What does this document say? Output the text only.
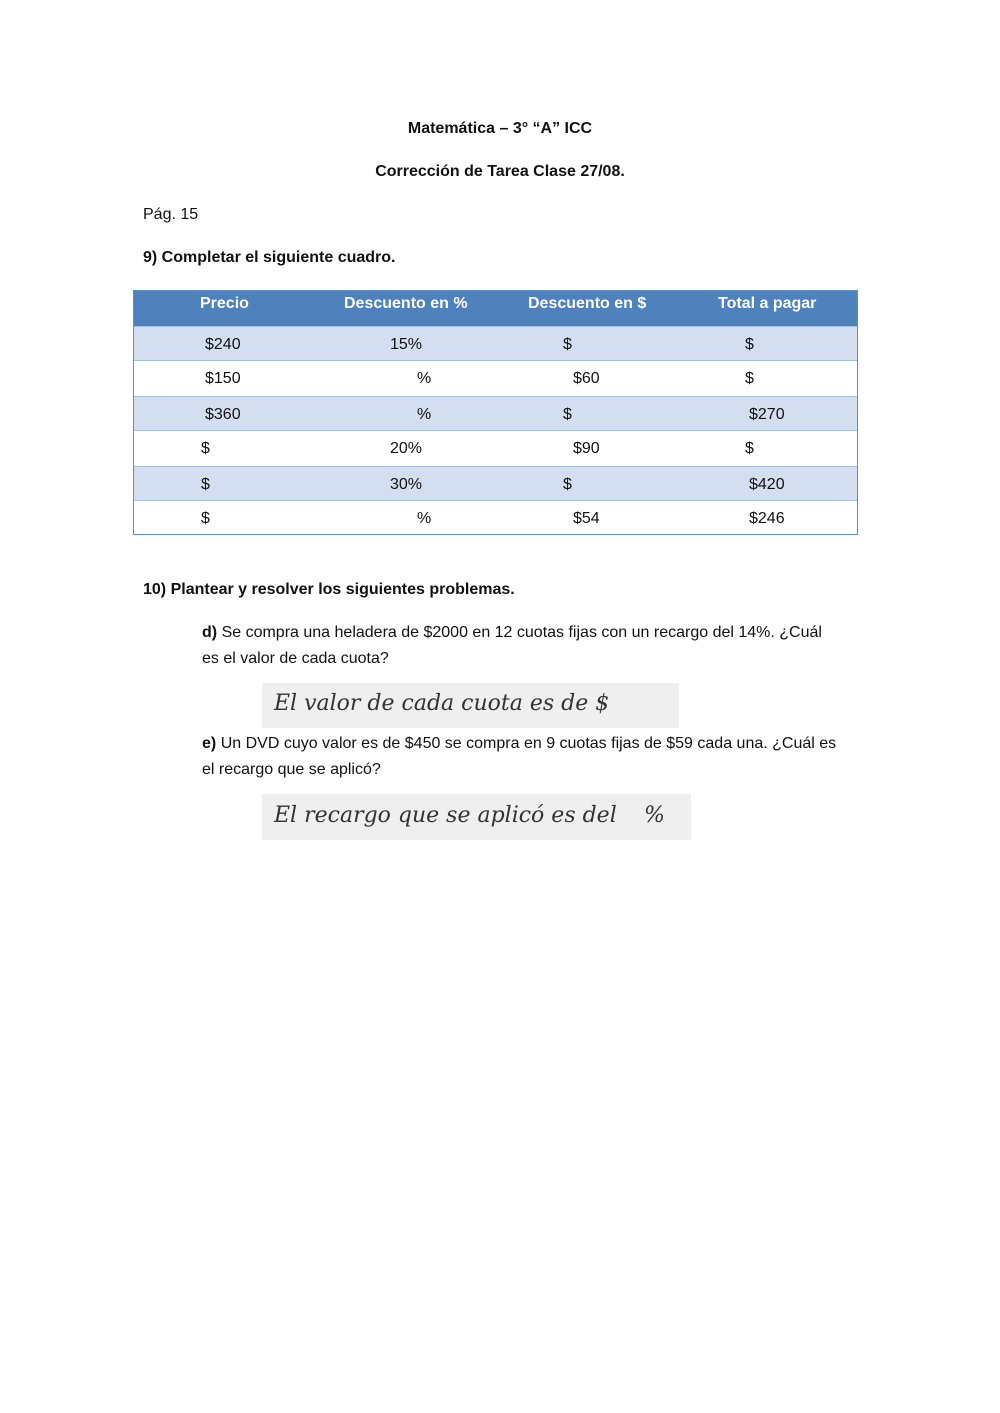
Matemática – 3° “A” ICC
Corrección de Tarea Clase 27/08.
Pág. 15
9) Completar el siguiente cuadro.
Precio	Descuento en %	Descuento en $	Total a pagar
$240	15%	$	$
$150	%	$60	$
$360	%	$	$270
$	20%	$90	$
$	30%	$	$420
$	%	$54	$246
10) Plantear y resolver los siguientes problemas.
d) Se compra una heladera de $2000 en 12 cuotas fijas con un recargo del 14%. ¿Cuál
es el valor de cada cuota?
El valor de cada cuota es de $
e) Un DVD cuyo valor es de $450 se compra en 9 cuotas fijas de $59 cada una. ¿Cuál es
el recargo que se aplicó?
El recargo que se aplicó es del %
